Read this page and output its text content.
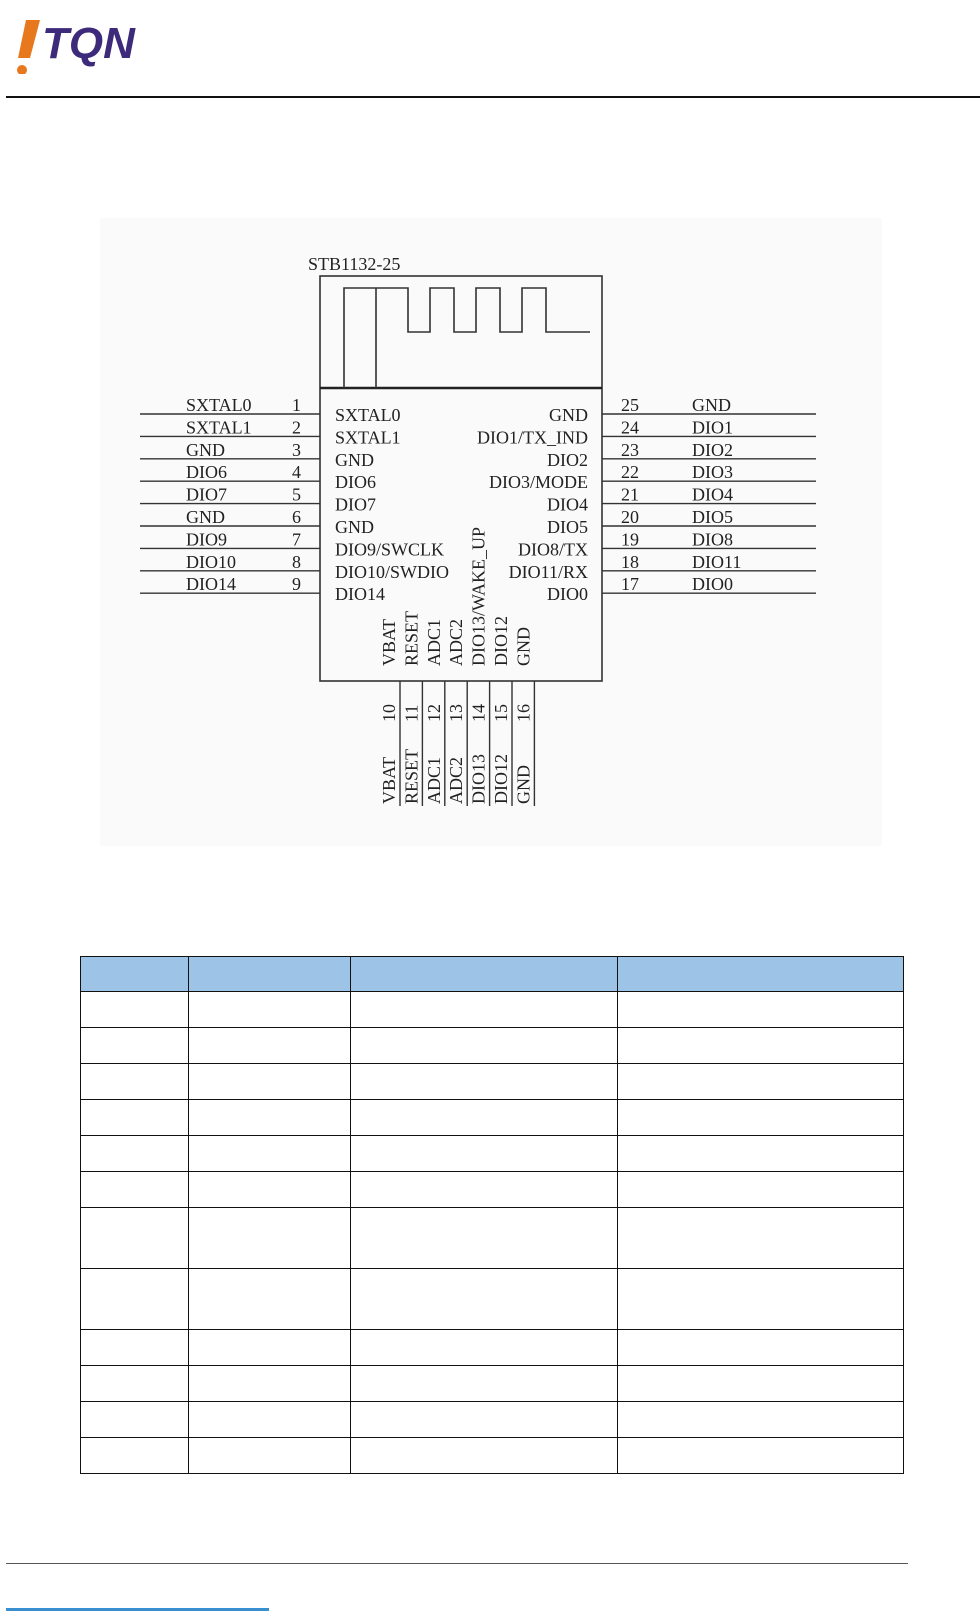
TQN
STB1132-25
SXTAL0 1 SXTAL0
SXTAL1 2 SXTAL1
GND	3 GND
DIO6	4 DIO6
DIO7	5 DIO7
GND	6 GND
DIO9	7 DIO9/SWCLK
DIO10	8 DIO10/SWDIO
DIO14	9 DIO14
25	GND
GND
24	DIO1
DIO1/TX_IND
23	DIO2
DIO2
22	DIO3
DIO3/MODE
21	DIO4
DIO4
20	DIO5
DIO5
19	DIO8
DIO8/TX
18	DIO11
DIO11/RX
17	DIO0
DIO0
VBAT
10
VBAT
RESET
11
RESET
ADC1
12
ADC1
ADC2
13
ADC2
DIO13/WAKE_UP
14
DIO13
DIO12
15
DIO12
GND
16
GND
